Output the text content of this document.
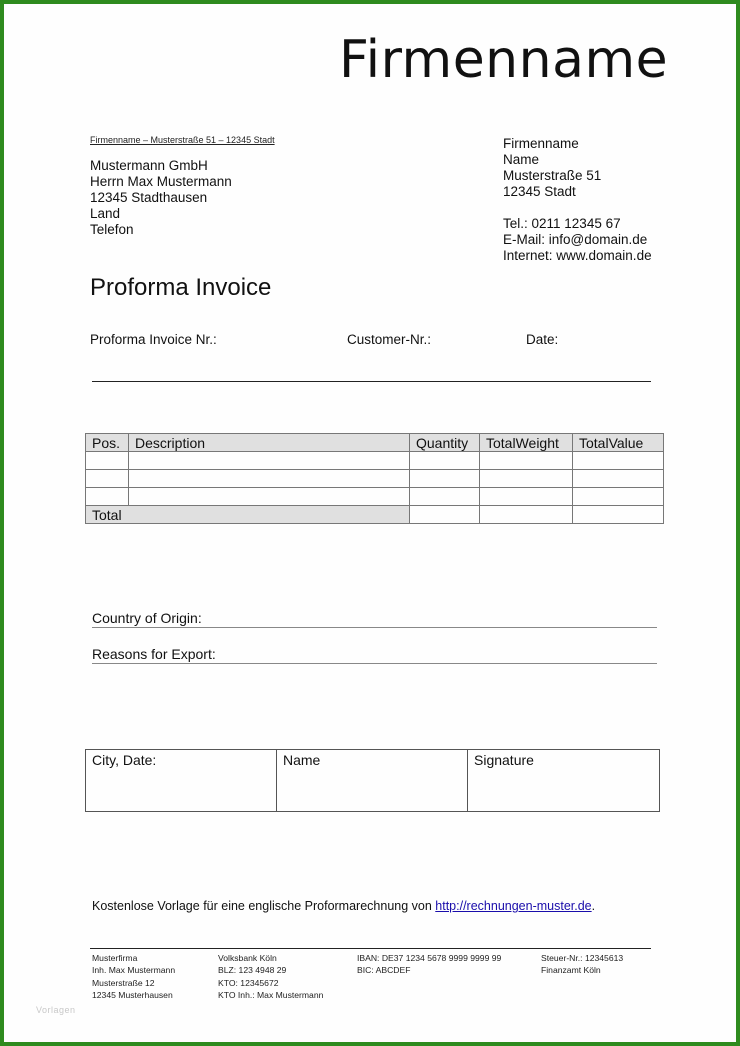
Firmenname
Firmenname – Musterstraße 51 – 12345 Stadt
Mustermann GmbH
Herrn Max Mustermann
12345 Stadthausen
Land
Telefon
Firmenname
Name
Musterstraße 51
12345 Stadt
Tel.: 0211 12345 67
E-Mail: info@domain.de
Internet: www.domain.de
Proforma Invoice
Proforma Invoice Nr.:	Customer-Nr.:	Date:
Pos.	Description	Quantity	TotalWeight	TotalValue

Total				
Country of Origin:
Reasons for Export:
City, Date:	Name	Signature
Kostenlose Vorlage für eine englische Proformarechnung von http://rechnungen-muster.de.
Musterfirma
Inh. Max Mustermann
Musterstraße 12
12345 Musterhausen
Volksbank Köln
BLZ: 123 4948 29
KTO: 12345672
KTO Inh.: Max Mustermann
IBAN: DE37 1234 5678 9999 9999 99
BIC: ABCDEF
Steuer-Nr.: 12345613
Finanzamt Köln
Vorlagen
